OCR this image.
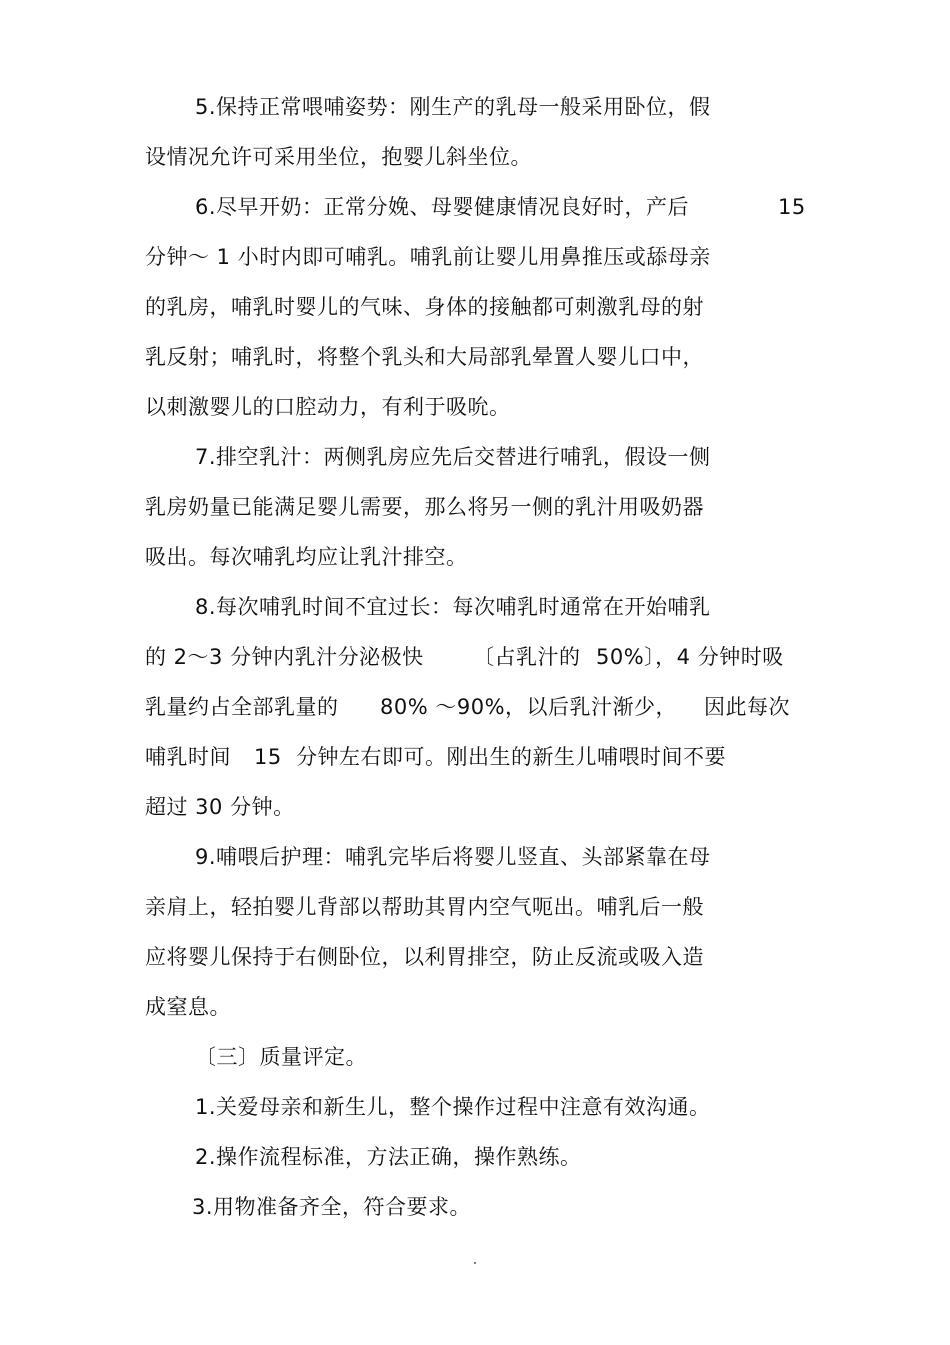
5.保持正常喂哺姿势：刚生产的乳母一般采用卧位，假
设情况允许可采用坐位，抱婴儿斜坐位。
6.尽早开奶：正常分娩、母婴健康情况良好时，产后	15
分钟～ 1 小时内即可哺乳。哺乳前让婴儿用鼻推压或舔母亲
的乳房，哺乳时婴儿的气味、身体的接触都可刺激乳母的射
乳反射；哺乳时，将整个乳头和大局部乳晕置人婴儿口中，
以刺激婴儿的口腔动力，有利于吸吮。
7.排空乳汁：两侧乳房应先后交替进行哺乳，假设一侧
乳房奶量已能满足婴儿需要，那么将另一侧的乳汁用吸奶器
吸出。每次哺乳均应让乳汁排空。
8.每次哺乳时间不宜过长：每次哺乳时通常在开始哺乳
的 2～3 分钟内乳汁分泌极快 〔占乳汁的 50%〕，4 分钟时吸
乳量约占全部乳量的 80% ～90%，以后乳汁渐少， 因此每次
哺乳时间 15 分钟左右即可。刚出生的新生儿哺喂时间不要
超过 30 分钟。
9.哺喂后护理：哺乳完毕后将婴儿竖直、头部紧靠在母
亲肩上，轻拍婴儿背部以帮助其胃内空气呃出。哺乳后一般
应将婴儿保持于右侧卧位，以利胃排空，防止反流或吸入造
成窒息。
〔三〕质量评定。
1.关爱母亲和新生儿，整个操作过程中注意有效沟通。
2.操作流程标准，方法正确，操作熟练。
3.用物准备齐全，符合要求。
